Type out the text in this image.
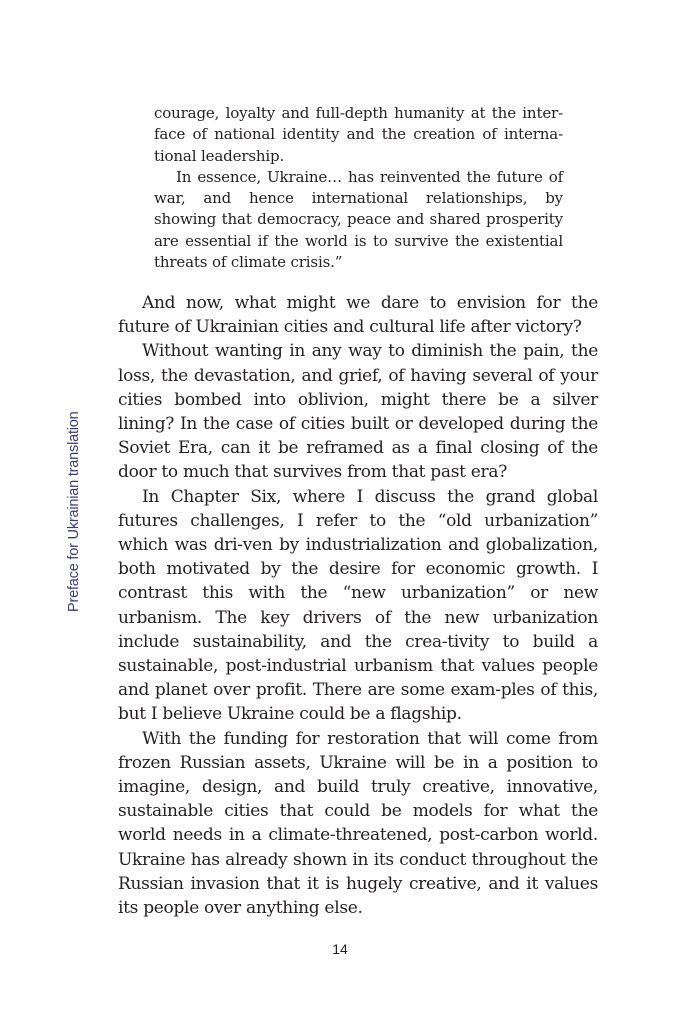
Preface for Ukrainian translation

courage, loyalty and full-depth humanity at the inter-face of national identity and the creation of interna-tional leadership.

In essence, Ukraine… has reinvented the future of war, and hence international relationships, by showing that democracy, peace and shared prosperity are essential if the world is to survive the existential threats of climate crisis.”

And now, what might we dare to envision for the future of Ukrainian cities and cultural life after victory?

Without wanting in any way to diminish the pain, the loss, the devastation, and grief, of having several of your cities bombed into oblivion, might there be a silver lining? In the case of cities built or developed during the Soviet Era, can it be reframed as a final closing of the door to much that survives from that past era?

In Chapter Six, where I discuss the grand global futures challenges, I refer to the “old urbanization” which was dri-ven by industrialization and globalization, both motivated by the desire for economic growth. I contrast this with the “new urbanization” or new urbanism. The key drivers of the new urbanization include sustainability, and the crea-tivity to build a sustainable, post-industrial urbanism that values people and planet over profit. There are some exam-ples of this, but I believe Ukraine could be a flagship.

With the funding for restoration that will come from frozen Russian assets, Ukraine will be in a position to imagine, design, and build truly creative, innovative, sustainable cities that could be models for what the world needs in a climate-threatened, post-carbon world. Ukraine has already shown in its conduct throughout the Russian invasion that it is hugely creative, and it values its people over anything else.

14
